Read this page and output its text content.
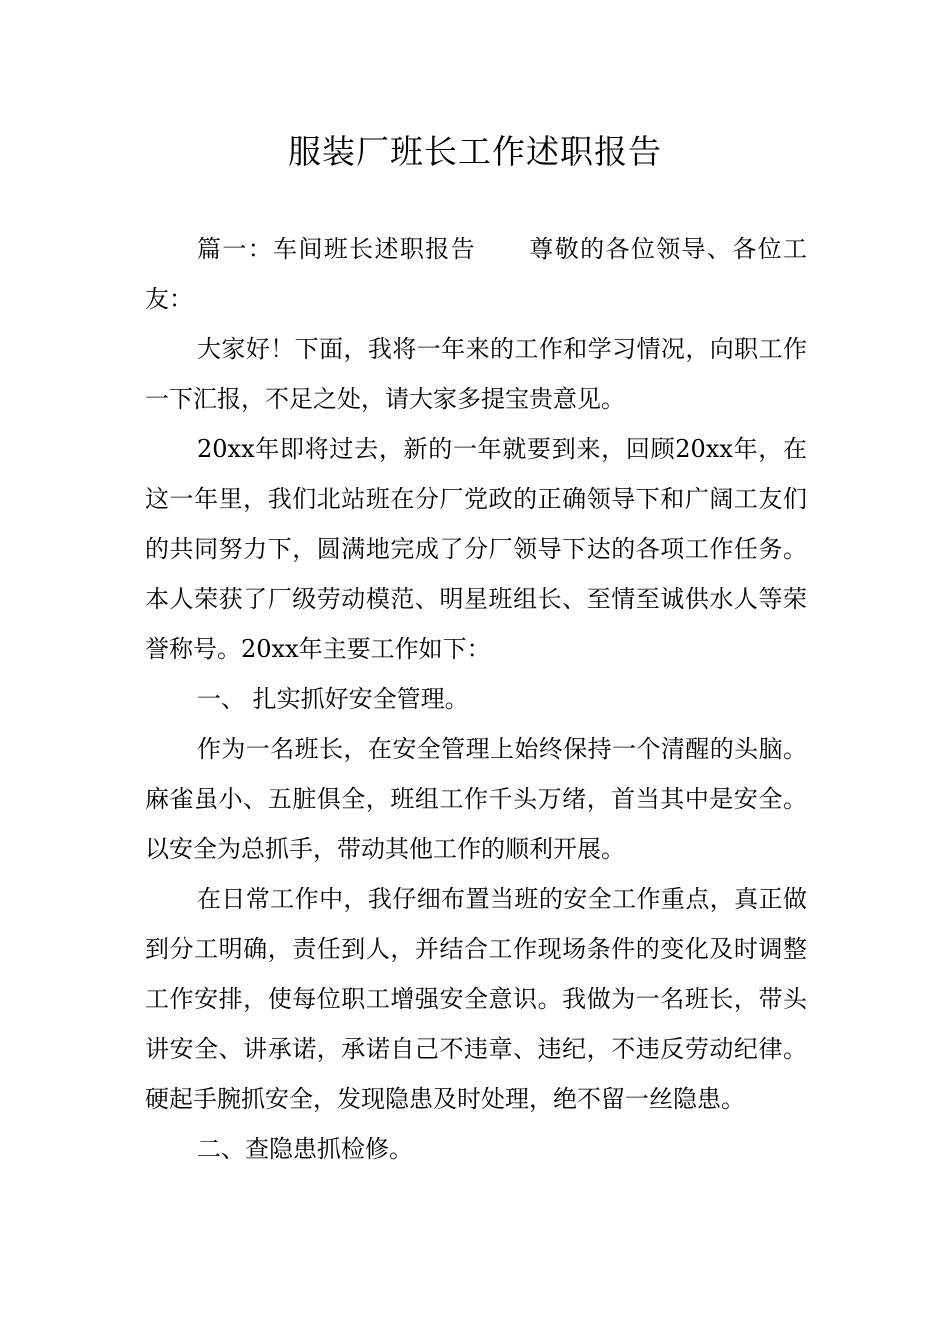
服装厂班长工作述职报告

篇一：车间班长述职报告 尊敬的各位领导、各位工友：

大家好！下面，我将一年来的工作和学习情况，向职工作一下汇报，不足之处，请大家多提宝贵意见。

20xx年即将过去，新的一年就要到来，回顾20xx年，在这一年里，我们北站班在分厂党政的正确领导下和广阔工友们的共同努力下，圆满地完成了分厂领导下达的各项工作任务。本人荣获了厂级劳动模范、明星班组长、至情至诚供水人等荣誉称号。20xx年主要工作如下：

一、 扎实抓好安全管理。

作为一名班长，在安全管理上始终保持一个清醒的头脑。麻雀虽小、五脏俱全，班组工作千头万绪，首当其中是安全。以安全为总抓手，带动其他工作的顺利开展。

在日常工作中，我仔细布置当班的安全工作重点，真正做到分工明确，责任到人，并结合工作现场条件的变化及时调整工作安排，使每位职工增强安全意识。我做为一名班长，带头讲安全、讲承诺，承诺自己不违章、违纪，不违反劳动纪律。硬起手腕抓安全，发现隐患及时处理，绝不留一丝隐患。

二、查隐患抓检修。
